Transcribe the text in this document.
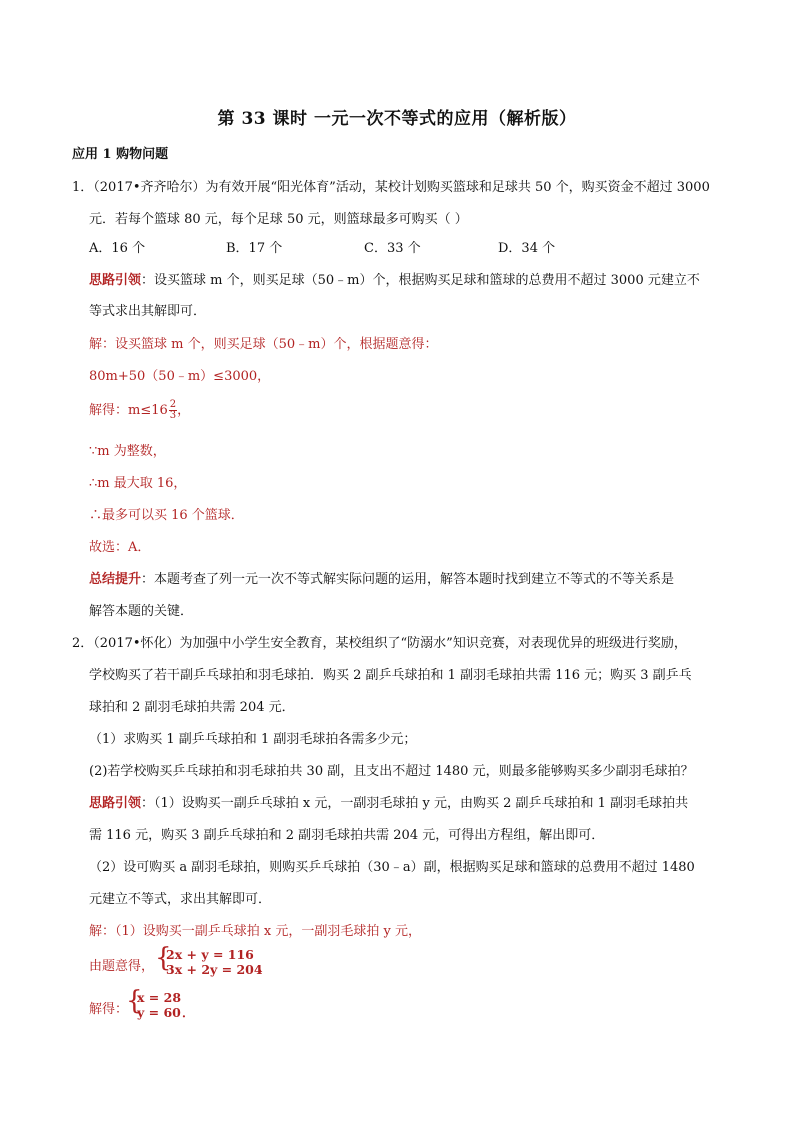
第 33 课时 一元一次不等式的应用（解析版）
应用 1 购物问题
1．（2017•齐齐哈尔）为有效开展“阳光体育”活动，某校计划购买篮球和足球共 50 个，购买资金不超过 3000
元．若每个篮球 80 元，每个足球 50 元，则篮球最多可购买（ ）
A．16 个	B．17 个	C．33 个	D．34 个
思路引领：设买篮球 m 个，则买足球（50﹣m）个，根据购买足球和篮球的总费用不超过 3000 元建立不
等式求出其解即可．
解：设买篮球 m 个，则买足球（50﹣m）个，根据题意得：
80m+50（50﹣m）≤3000，
解得：$m\le 16 \frac{2}{3}$ ，
∵m 为整数，
∴m 最大取 16，
∴最多可以买 16 个篮球．
故选：A．
总结提升：本题考查了列一元一次不等式解实际问题的运用，解答本题时找到建立不等式的不等关系是
解答本题的关键．
2．（2017•怀化）为加强中小学生安全教育，某校组织了“防溺水”知识竞赛，对表现优异的班级进行奖励，
学校购买了若干副乒乓球拍和羽毛球拍．购买 2 副乒乓球拍和 1 副羽毛球拍共需 116 元；购买 3 副乒乓
球拍和 2 副羽毛球拍共需 204 元．
（1）求购买 1 副乒乓球拍和 1 副羽毛球拍各需多少元；
(2)若学校购买乒乓球拍和羽毛球拍共 30 副，且支出不超过 1480 元，则最多能够购买多少副羽毛球拍？
思路引领：（1）设购买一副乒乓球拍 x 元，一副羽毛球拍 y 元，由购买 2 副乒乓球拍和 1 副羽毛球拍共
需 116 元，购买 3 副乒乓球拍和 2 副羽毛球拍共需 204 元，可得出方程组，解出即可．
（2）设可购买 a 副羽毛球拍，则购买乒乓球拍（30﹣a）副，根据购买足球和篮球的总费用不超过 1480
元建立不等式，求出其解即可．
解：（1）设购买一副乒乓球拍 x 元，一副羽毛球拍 y 元，
由题意得， {
2x + y = 116
3x + 2y = 204
，
解得：
{
x = 28
y = 60 ．
